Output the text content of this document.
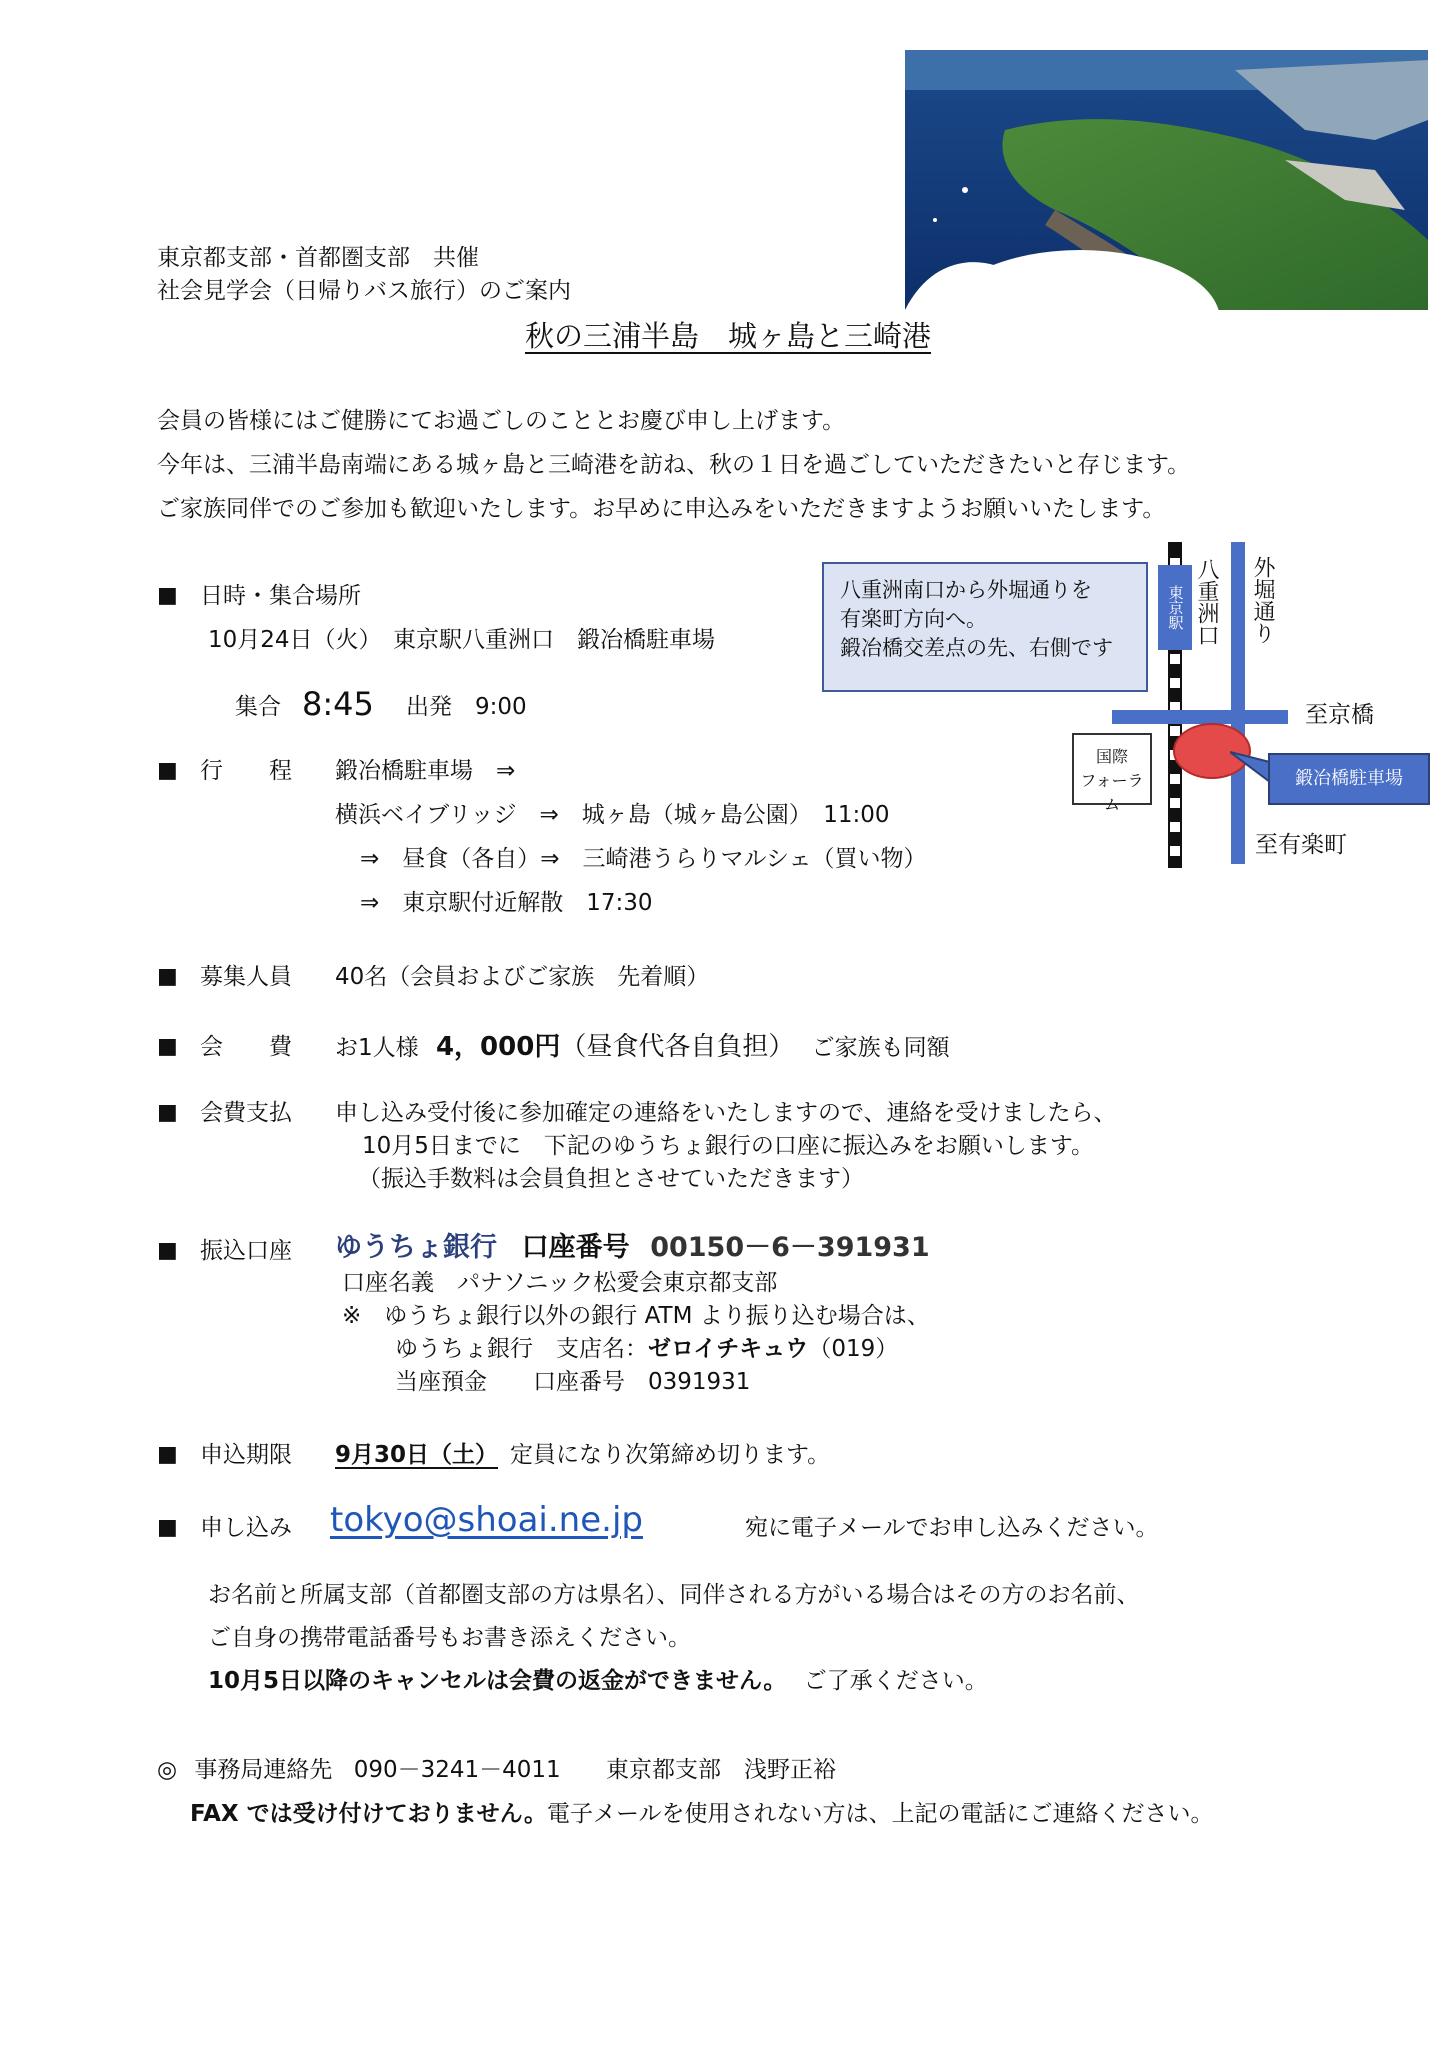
東京都支部・首都圏支部　共催
社会見学会（日帰りバス旅行）のご案内
秋の三浦半島　城ヶ島と三崎港
会員の皆様にはご健勝にてお過ごしのこととお慶び申し上げます。
今年は、三浦半島南端にある城ヶ島と三崎港を訪ね、秋の１日を過ごしていただきたいと存じます。
ご家族同伴でのご参加も歓迎いたします。お早めに申込みをいただきますようお願いいたします。
■ 日時・集合場所
10月24日（火）　東京駅八重洲口　鍛冶橋駐車場
集合 8:45 出発 9:00
■ 行　　程 鍛冶橋駐車場　⇒
横浜ベイブリッジ　⇒　城ヶ島（城ヶ島公園）　11:00
⇒　昼食（各自）⇒　三崎港うらりマルシェ（買い物）
⇒　東京駅付近解散　17:30
■ 募集人員 40名（会員およびご家族　先着順）
■ 会　　費 お1人様 4，000円（昼食代各自負担） ご家族も同額
■ 会費支払 申し込み受付後に参加確定の連絡をいたしますので、連絡を受けましたら、
10月5日までに　下記のゆうちょ銀行の口座に振込みをお願いします。
（振込手数料は会員負担とさせていただきます）
■ 振込口座 ゆうちょ銀行 口座番号 00150－6－391931
口座名義　パナソニック松愛会東京都支部
※　ゆうちょ銀行以外の銀行 ATM より振り込む場合は、
ゆうちょ銀行　支店名：ゼロイチキュウ（019）
当座預金　　口座番号　0391931
■ 申込期限 9月30日（土） 定員になり次第締め切ります。
■ 申し込み tokyo@shoai.ne.jp	宛に電子メールでお申し込みください。
お名前と所属支部（首都圏支部の方は県名）、同伴される方がいる場合はその方のお名前、
ご自身の携帯電話番号もお書き添えください。
10月5日以降のキャンセルは会費の返金ができません。 ご了承ください。
◎ 事務局連絡先 090－3241－4011 東京都支部　浅野正裕
FAX では受け付けておりません。電子メールを使用されない方は、上記の電話にご連絡ください。
八重洲南口から外堀通りを
有楽町方向へ。
鍛冶橋交差点の先、右側です
東京駅 八重洲口 外堀通り
至京橋
至有楽町
国際
フォーラム
鍛冶橋駐車場
